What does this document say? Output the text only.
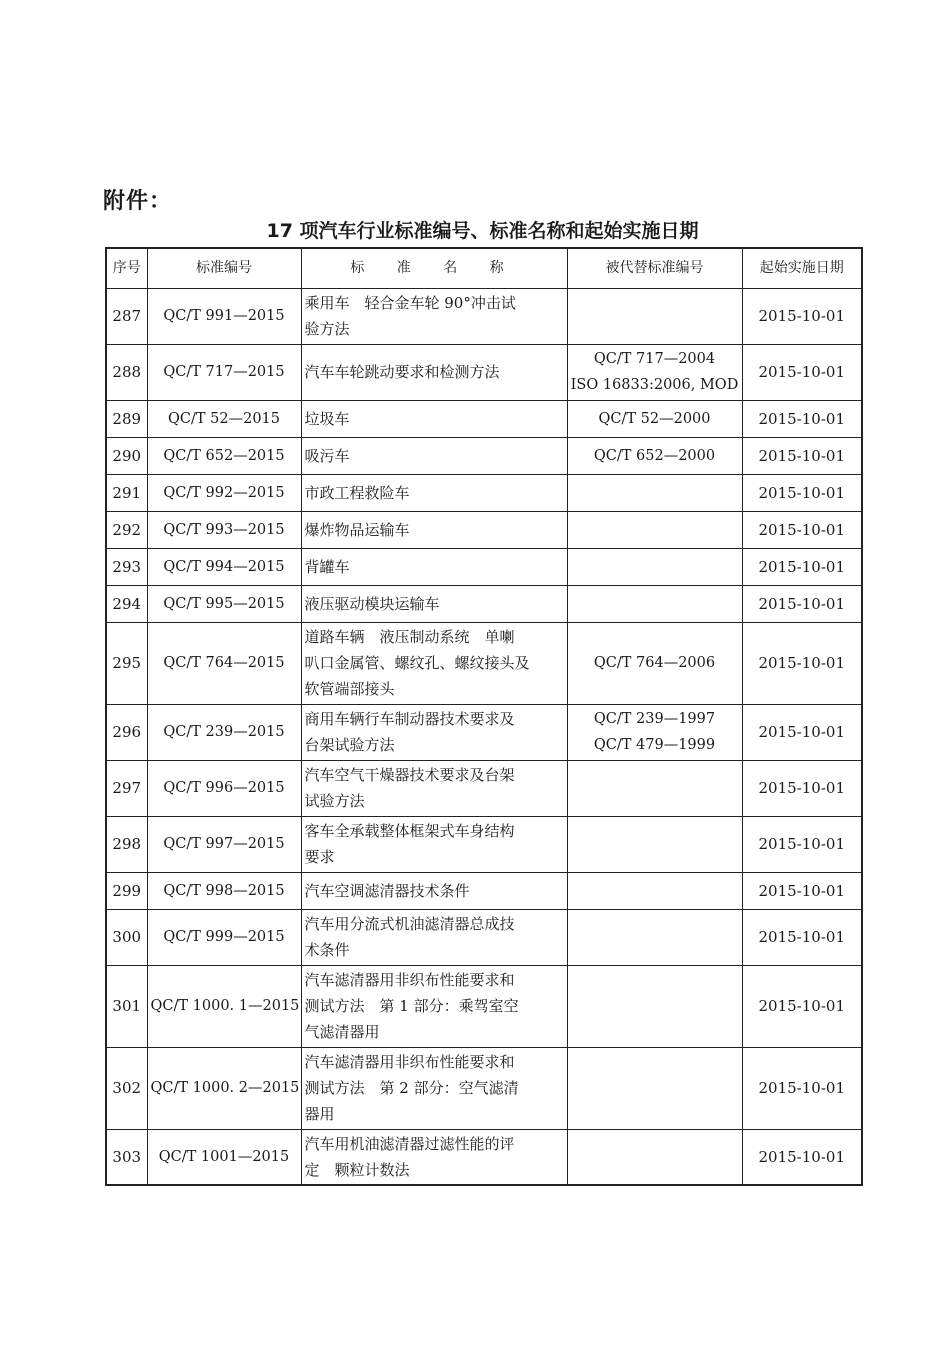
附件：
17 项汽车行业标准编号、标准名称和起始实施日期
序号	标准编号	标 准 名 称	被代替标准编号	起始实施日期
287	QC/T 991—2015	乘用车　轻合金车轮 90°冲击试
验方法		2015-10-01
288	QC/T 717—2015	汽车车轮跳动要求和检测方法	QC/T 717—2004
ISO 16833:2006, MOD	2015-10-01
289	QC/T 52—2015	垃圾车	QC/T 52—2000	2015-10-01
290	QC/T 652—2015	吸污车	QC/T 652—2000	2015-10-01
291	QC/T 992—2015	市政工程救险车		2015-10-01
292	QC/T 993—2015	爆炸物品运输车		2015-10-01
293	QC/T 994—2015	背罐车		2015-10-01
294	QC/T 995—2015	液压驱动模块运输车		2015-10-01
295	QC/T 764—2015	道路车辆　液压制动系统　单喇
叭口金属管、螺纹孔、螺纹接头及
软管端部接头	QC/T 764—2006	2015-10-01
296	QC/T 239—2015	商用车辆行车制动器技术要求及
台架试验方法	QC/T 239—1997
QC/T 479—1999	2015-10-01
297	QC/T 996—2015	汽车空气干燥器技术要求及台架
试验方法		2015-10-01
298	QC/T 997—2015	客车全承载整体框架式车身结构
要求		2015-10-01
299	QC/T 998—2015	汽车空调滤清器技术条件		2015-10-01
300	QC/T 999—2015	汽车用分流式机油滤清器总成技
术条件		2015-10-01
301	QC/T 1000. 1—2015	汽车滤清器用非织布性能要求和
测试方法　第 1 部分：乘驾室空
气滤清器用		2015-10-01
302	QC/T 1000. 2—2015	汽车滤清器用非织布性能要求和
测试方法　第 2 部分：空气滤清
器用		2015-10-01
303	QC/T 1001—2015	汽车用机油滤清器过滤性能的评
定　颗粒计数法		2015-10-01
